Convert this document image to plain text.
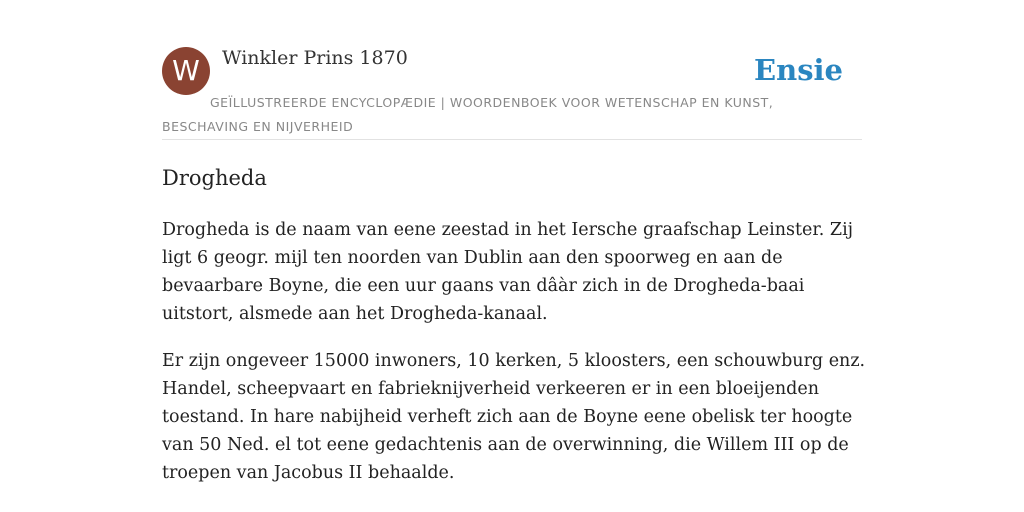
W	Winkler Prins 1870	Ensie
GEÏLLUSTREERDE ENCYCLOPÆDIE | WOORDENBOEK VOOR WETENSCHAP EN KUNST, BESCHAVING EN NIJVERHEID
Drogheda

Drogheda is de naam van eene zeestad in het Iersche graafschap Leinster. Zij ligt 6 geogr. mijl ten noorden van Dublin aan den spoorweg en aan de bevaarbare Boyne, die een uur gaans van dâàr zich in de Drogheda-baai uitstort, alsmede aan het Drogheda-kanaal.

Er zijn ongeveer 15000 inwoners, 10 kerken, 5 kloosters, een schouwburg enz. Handel, scheepvaart en fabrieknijverheid verkeeren er in een bloeijenden toestand. In hare nabijheid verheft zich aan de Boyne eene obelisk ter hoogte van 50 Ned. el tot eene gedachtenis aan de overwinning, die Willem III op de troepen van Jacobus II behaalde.
